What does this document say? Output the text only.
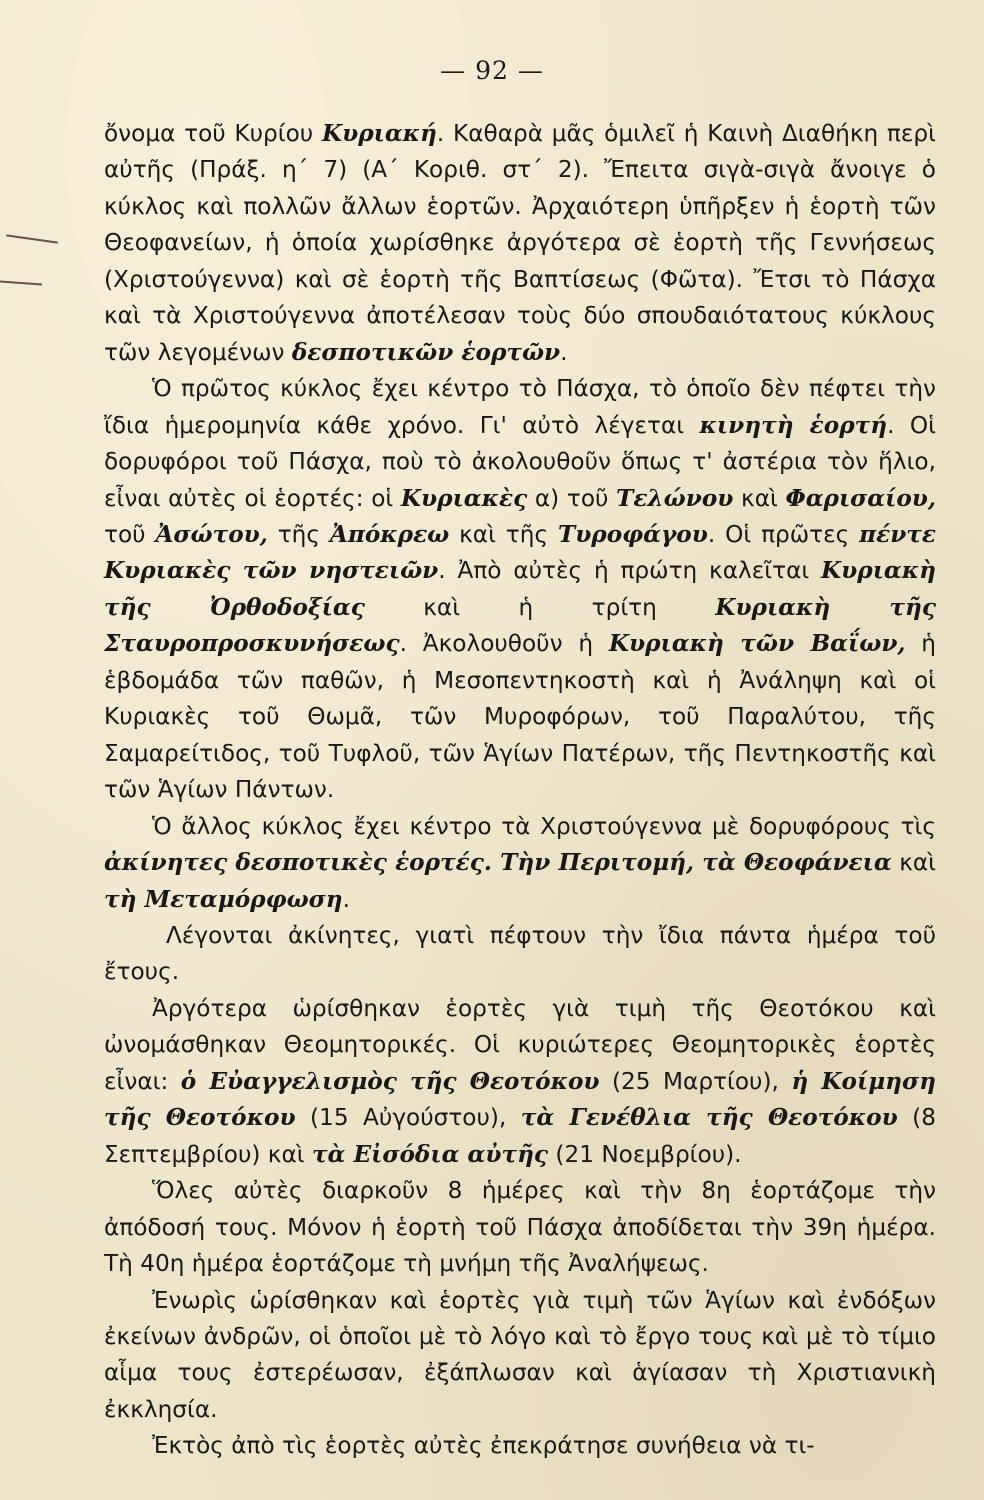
— 92 —

ὄνομα τοῦ Κυρίου Κυριακή. Καθαρὰ μᾶς ὁμιλεῖ ἡ Καινὴ Διαθήκη περὶ αὐτῆς (Πράξ. η΄ 7) (Α΄ Κοριθ. στ΄ 2). Ἔπειτα σιγὰ-σιγὰ ἄνοιγε ὁ κύκλος καὶ πολλῶν ἄλλων ἑορτῶν. Ἀρχαιότερη ὑπῆρξεν ἡ ἑορτὴ τῶν Θεοφανείων, ἡ ὁποία χωρίσθηκε ἀργότερα σὲ ἑορτὴ τῆς Γεννήσεως (Χριστούγεννα) καὶ σὲ ἑορτὴ τῆς Βαπτίσεως (Φῶτα). Ἔτσι τὸ Πάσχα καὶ τὰ Χριστούγεννα ἀποτέλεσαν τοὺς δύο σπουδαιότατους κύκλους τῶν λεγομένων δεσποτικῶν ἑορτῶν.

Ὁ πρῶτος κύκλος ἔχει κέντρο τὸ Πάσχα, τὸ ὁποῖο δὲν πέφτει τὴν ἴδια ἡμερομηνία κάθε χρόνο. Γι' αὐτὸ λέγεται κινητὴ ἑορτή. Οἱ δορυφόροι τοῦ Πάσχα, ποὺ τὸ ἀκολουθοῦν ὅπως τ' ἀστέρια τὸν ἥλιο, εἶναι αὐτὲς οἱ ἑορτές: οἱ Κυριακὲς α) τοῦ Τελώνου καὶ Φαρισαίου, τοῦ Ἀσώτου, τῆς Ἀπόκρεω καὶ τῆς Τυροφάγου. Οἱ πρῶτες πέντε Κυριακὲς τῶν νηστειῶν. Ἀπὸ αὐτὲς ἡ πρώτη καλεῖται Κυριακὴ τῆς Ὀρθοδοξίας καὶ ἡ τρίτη Κυριακὴ τῆς Σταυροπροσκυνήσεως. Ἀκολουθοῦν ἡ Κυριακὴ τῶν Βαΐων, ἡ ἑβδομάδα τῶν παθῶν, ἡ Μεσοπεντηκοστὴ καὶ ἡ Ἀνάληψη καὶ οἱ Κυριακὲς τοῦ Θωμᾶ, τῶν Μυροφόρων, τοῦ Παραλύτου, τῆς Σαμαρείτιδος, τοῦ Τυφλοῦ, τῶν Ἁγίων Πατέρων, τῆς Πεντηκοστῆς καὶ τῶν Ἁγίων Πάντων.

Ὁ ἄλλος κύκλος ἔχει κέντρο τὰ Χριστούγεννα μὲ δορυφόρους τὶς ἀκίνητες δεσποτικὲς ἑορτές. Τὴν Περιτομή, τὰ Θεοφάνεια καὶ τὴ Μεταμόρφωση.

Λέγονται ἀκίνητες, γιατὶ πέφτουν τὴν ἴδια πάντα ἡμέρα τοῦ ἔτους.

Ἀργότερα ὡρίσθηκαν ἑορτὲς γιὰ τιμὴ τῆς Θεοτόκου καὶ ὠνομάσθηκαν Θεομητορικές. Οἱ κυριώτερες Θεομητορικὲς ἑορτὲς εἶναι: ὁ Εὐαγγελισμὸς τῆς Θεοτόκου (25 Μαρτίου), ἡ Κοίμηση τῆς Θεοτόκου (15 Αὐγούστου), τὰ Γενέθλια τῆς Θεοτόκου (8 Σεπτεμβρίου) καὶ τὰ Εἰσόδια αὐτῆς (21 Νοεμβρίου).

Ὅλες αὐτὲς διαρκοῦν 8 ἡμέρες καὶ τὴν 8η ἑορτάζομε τὴν ἀπόδοσή τους. Μόνον ἡ ἑορτὴ τοῦ Πάσχα ἀποδίδεται τὴν 39η ἡμέρα. Τὴ 40η ἡμέρα ἑορτάζομε τὴ μνήμη τῆς Ἀναλήψεως.

Ἐνωρὶς ὡρίσθηκαν καὶ ἑορτὲς γιὰ τιμὴ τῶν Ἁγίων καὶ ἐνδόξων ἐκείνων ἀνδρῶν, οἱ ὁποῖοι μὲ τὸ λόγο καὶ τὸ ἔργο τους καὶ μὲ τὸ τίμιο αἷμα τους ἐστερέωσαν, ἐξάπλωσαν καὶ ἁγίασαν τὴ Χριστιανικὴ ἐκκλησία.

Ἐκτὸς ἀπὸ τὶς ἑορτὲς αὐτὲς ἐπεκράτησε συνήθεια νὰ τι-
